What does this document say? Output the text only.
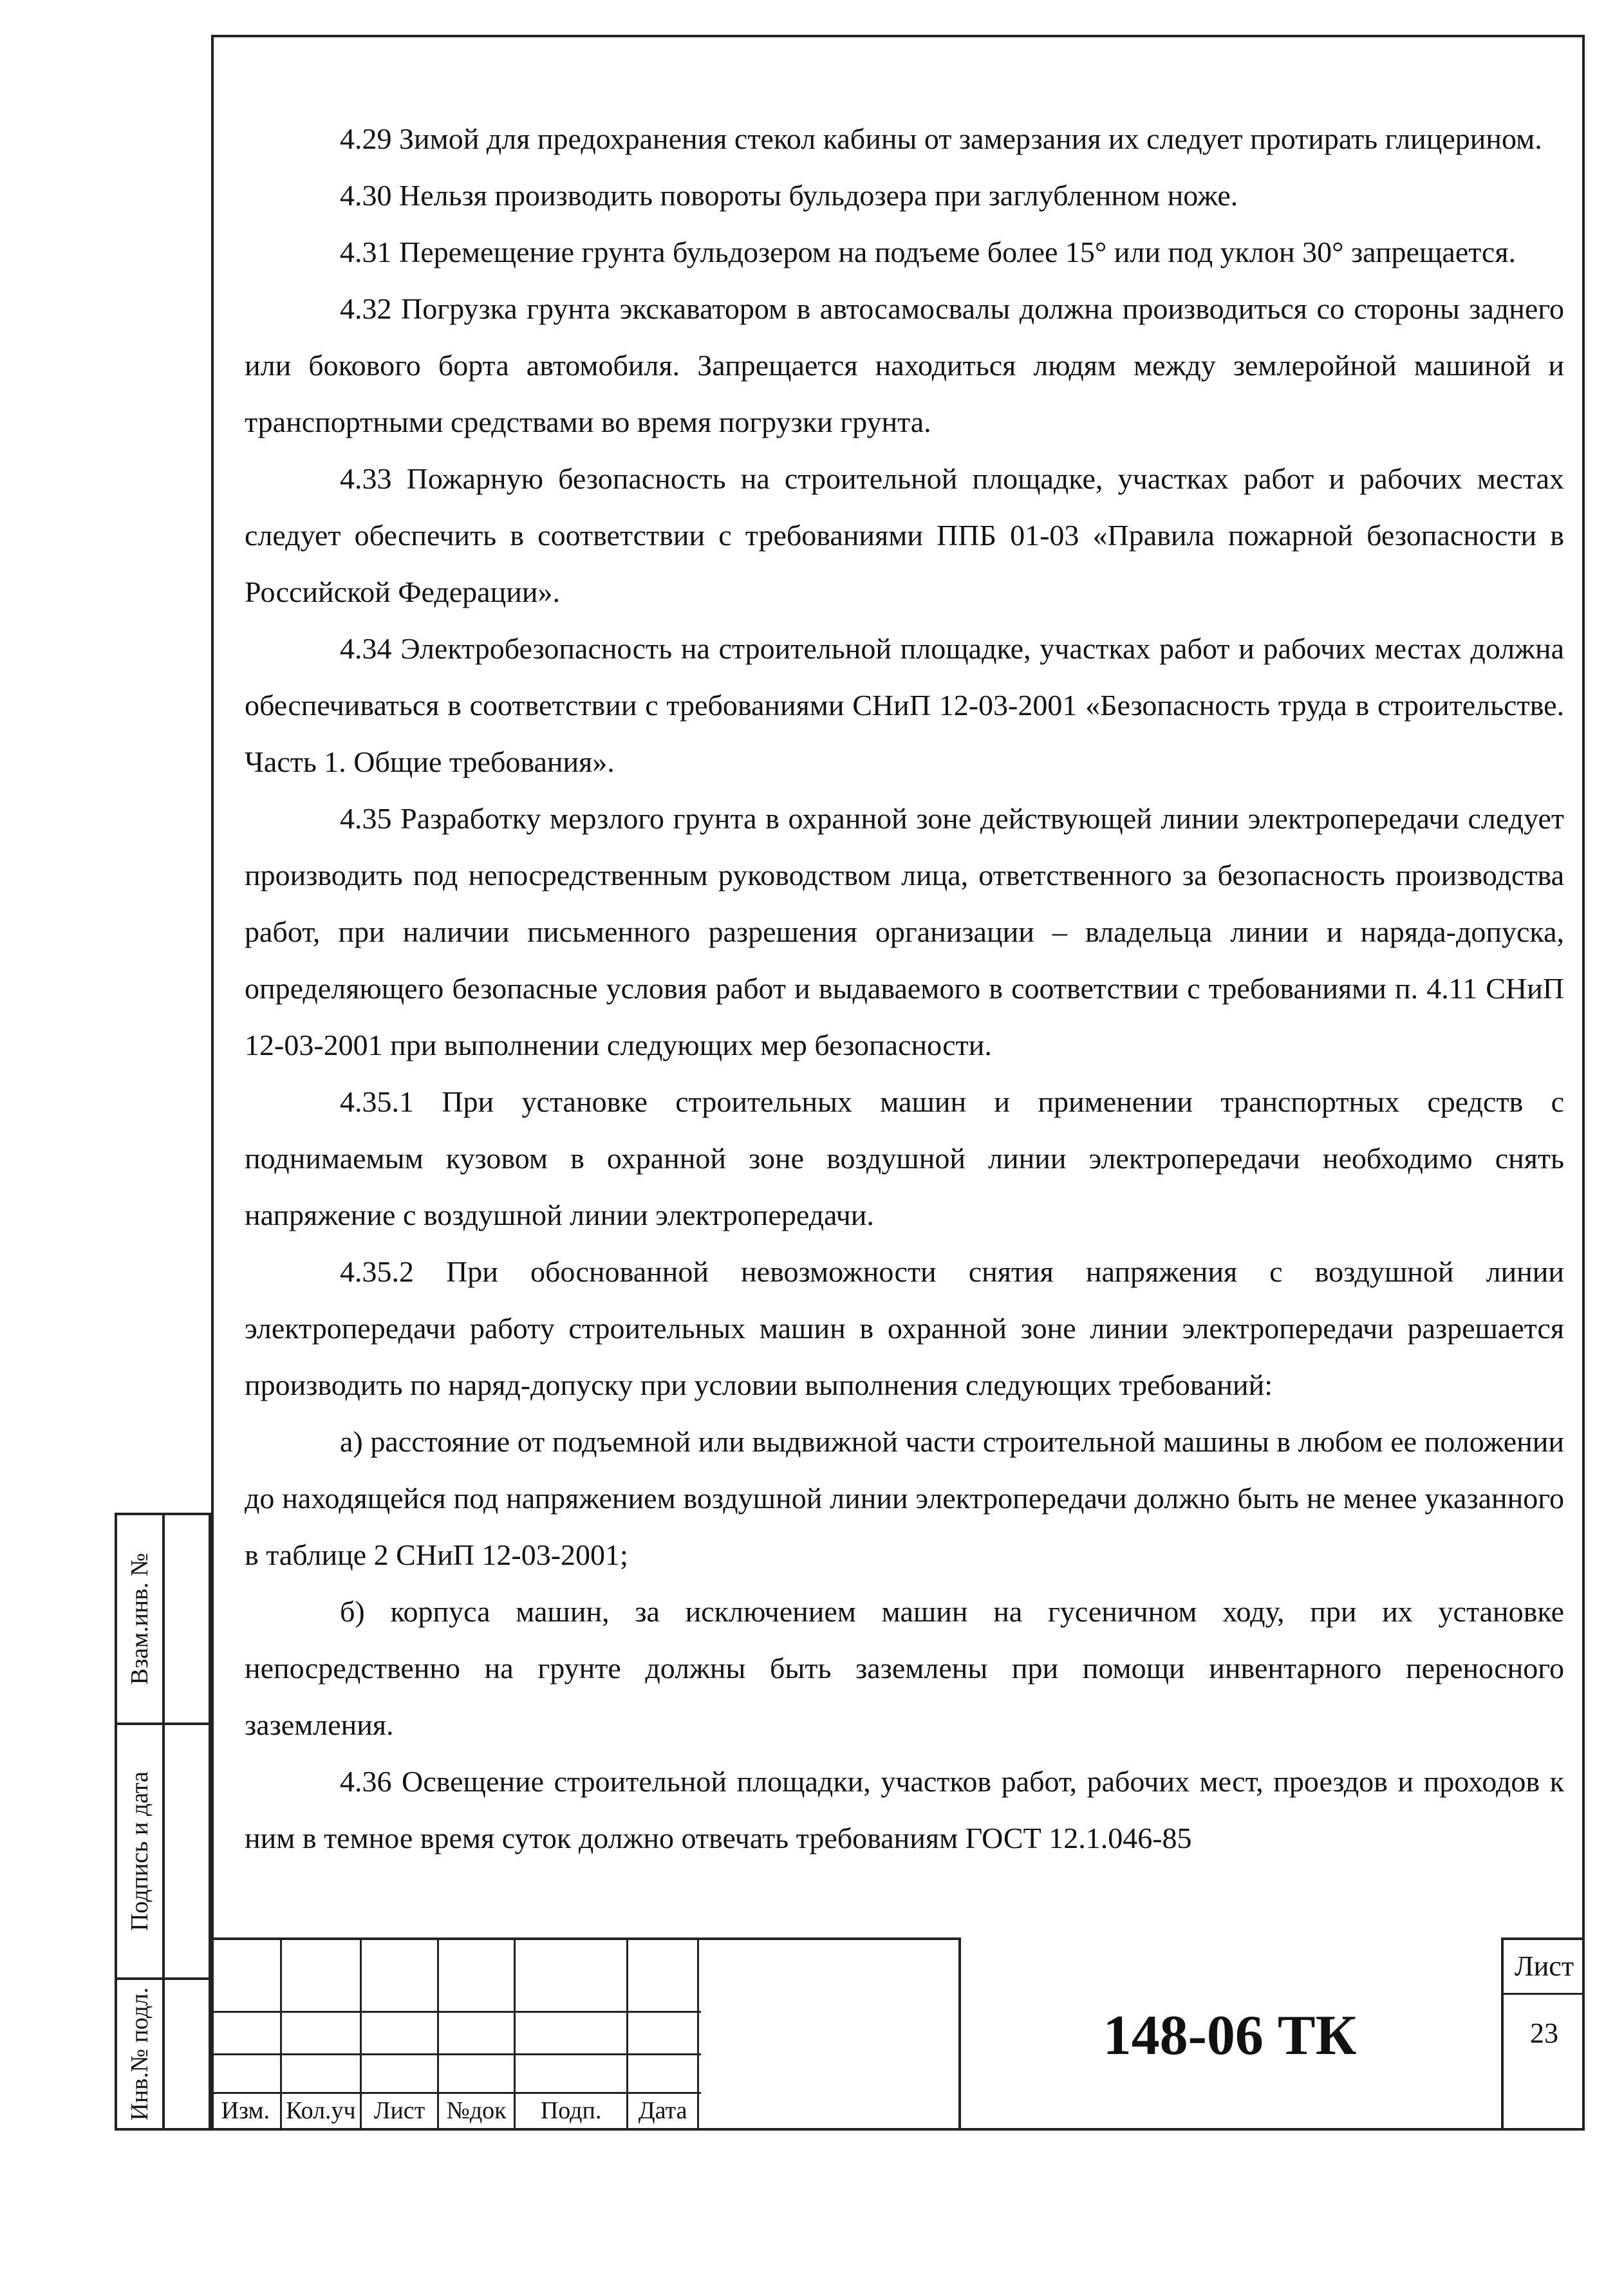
4.29 Зимой для предохранения стекол кабины от замерзания их следует протирать глицерином.

4.30 Нельзя производить повороты бульдозера при заглубленном ноже.

4.31 Перемещение грунта бульдозером на подъеме более 15° или под уклон 30° запрещается.

4.32 Погрузка грунта экскаватором в автосамосвалы должна производиться со стороны заднего или бокового борта автомобиля. Запрещается находиться людям между землеройной машиной и транспортными средствами во время погрузки грунта.

4.33 Пожарную безопасность на строительной площадке, участках работ и рабочих местах следует обеспечить в соответствии с требованиями ППБ 01-03 «Правила пожарной безопасности в Российской Федерации».

4.34 Электробезопасность на строительной площадке, участках работ и рабочих местах должна обеспечиваться в соответствии с требованиями СНиП 12-03-2001 «Безопасность труда в строительстве. Часть 1. Общие требования».

4.35 Разработку мерзлого грунта в охранной зоне действующей линии электропередачи следует производить под непосредственным руководством лица, ответственного за безопасность производства работ, при наличии письменного разрешения организации – владельца линии и наряда-допуска, определяющего безопасные условия работ и выдаваемого в соответствии с требованиями п. 4.11 СНиП 12-03-2001 при выполнении следующих мер безопасности.

4.35.1 При установке строительных машин и применении транспортных средств с поднимаемым кузовом в охранной зоне воздушной линии электропередачи необходимо снять напряжение с воздушной линии электропередачи.

4.35.2 При обоснованной невозможности снятия напряжения с воздушной линии электропередачи работу строительных машин в охранной зоне линии электропередачи разрешается производить по наряд-допуску при условии выполнения следующих требований:

а) расстояние от подъемной или выдвижной части строительной машины в любом ее положении до находящейся под напряжением воздушной линии электропередачи должно быть не менее указанного в таблице 2 СНиП 12-03-2001;

б) корпуса машин, за исключением машин на гусеничном ходу, при их установке непосредственно на грунте должны быть заземлены при помощи инвентарного переносного заземления.

4.36 Освещение строительной площадки, участков работ, рабочих мест, проездов и проходов к ним в темное время суток должно отвечать требованиям ГОСТ 12.1.046-85

Взам.инв. №
Подпись и дата
Инв.№ подл.	Изм. Кол.уч Лист №док	Подп.	Дата
148-06 ТК
Лист
23
